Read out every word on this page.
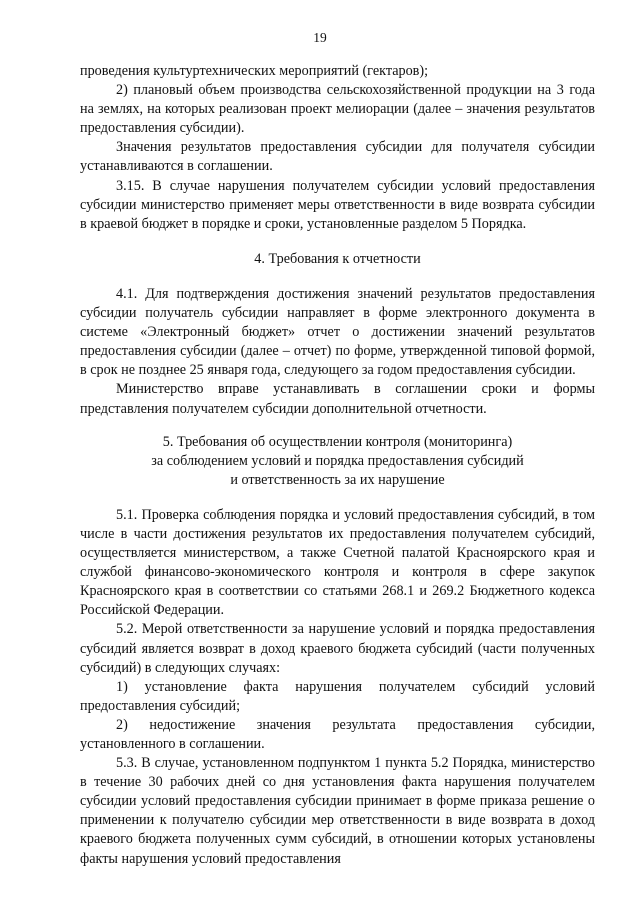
19

проведения культуртехнических мероприятий (гектаров);

2) плановый объем производства сельскохозяйственной продукции на 3 года на землях, на которых реализован проект мелиорации (далее – значения результатов предоставления субсидии).

Значения результатов предоставления субсидии для получателя субсидии устанавливаются в соглашении.

3.15. В случае нарушения получателем субсидии условий предоставления субсидии министерство применяет меры ответственности в виде возврата субсидии в краевой бюджет в порядке и сроки, установленные разделом 5 Порядка.

4. Требования к отчетности

4.1. Для подтверждения достижения значений результатов предоставления субсидии получатель субсидии направляет в форме электронного документа в системе «Электронный бюджет» отчет о достижении значений результатов предоставления субсидии (далее – отчет) по форме, утвержденной типовой формой, в срок не позднее 25 января года, следующего за годом предоставления субсидии.

Министерство вправе устанавливать в соглашении сроки и формы представления получателем субсидии дополнительной отчетности.

5. Требования об осуществлении контроля (мониторинга)

за соблюдением условий и порядка предоставления субсидий

и ответственность за их нарушение

5.1. Проверка соблюдения порядка и условий предоставления субсидий, в том числе в части достижения результатов их предоставления получателем субсидий, осуществляется министерством, а также Счетной палатой Красноярского края и службой финансово-экономического контроля и контроля в сфере закупок Красноярского края в соответствии со статьями 268.1 и 269.2 Бюджетного кодекса Российской Федерации.

5.2. Мерой ответственности за нарушение условий и порядка предоставления субсидий является возврат в доход краевого бюджета субсидий (части полученных субсидий) в следующих случаях:

1) установление факта нарушения получателем субсидий условий предоставления субсидий;

2) недостижение значения результата предоставления субсидии, установленного в соглашении.

5.3. В случае, установленном подпунктом 1 пункта 5.2 Порядка, министерство в течение 30 рабочих дней со дня установления факта нарушения получателем субсидии условий предоставления субсидии принимает в форме приказа решение о применении к получателю субсидии мер ответственности в виде возврата в доход краевого бюджета полученных сумм субсидий, в отношении которых установлены факты нарушения условий предоставления
